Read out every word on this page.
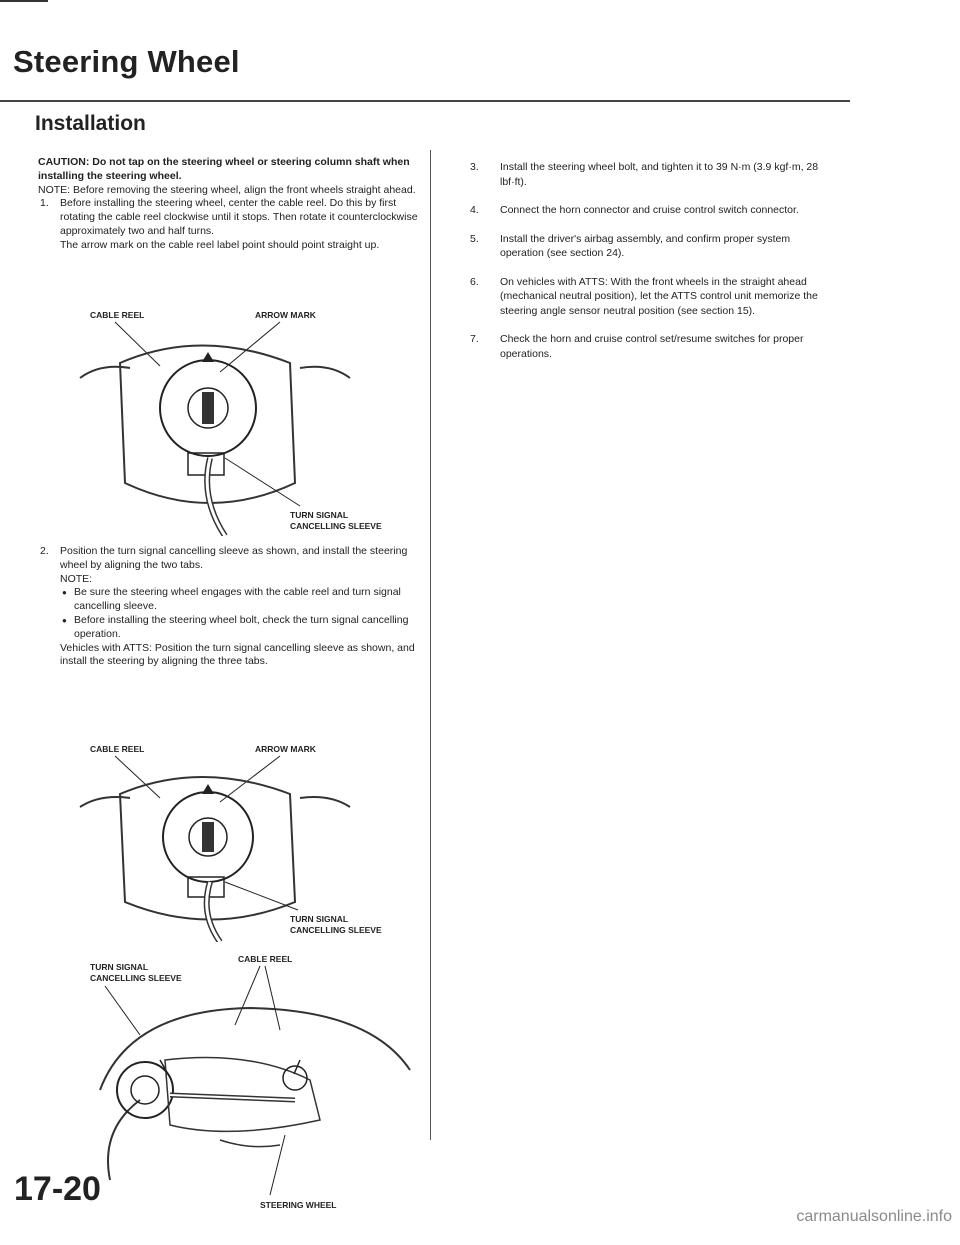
Steering Wheel
Installation

CAUTION: Do not tap on the steering wheel or steering column shaft when installing the steering wheel.

NOTE: Before removing the steering wheel, align the front wheels straight ahead.

1. Before installing the steering wheel, center the cable reel. Do this by first rotating the cable reel clockwise until it stops. Then rotate it counterclockwise approximately two and half turns.

The arrow mark on the cable reel label point should point straight up.

CABLE REEL	ARROW MARK
TURN SIGNAL
CANCELLING SLEEVE
2. Position the turn signal cancelling sleeve as shown, and install the steering wheel by aligning the two tabs.

NOTE:

● Be sure the steering wheel engages with the cable reel and turn signal cancelling sleeve.
● Before installing the steering wheel bolt, check the turn signal cancelling operation.

Vehicles with ATTS: Position the turn signal cancelling sleeve as shown, and install the steering by aligning the three tabs.

CABLE REEL	ARROW MARK
TURN SIGNAL
CANCELLING SLEEVE
CABLE REEL
TURN SIGNAL
CANCELLING SLEEVE
STEERING WHEEL
3. Install the steering wheel bolt, and tighten it to 39 N·m (3.9 kgf·m, 28 lbf·ft).

4. Connect the horn connector and cruise control switch connector.

5. Install the driver's airbag assembly, and confirm proper system operation (see section 24).

6. On vehicles with ATTS: With the front wheels in the straight ahead (mechanical neutral position), let the ATTS control unit memorize the steering angle sensor neutral position (see section 15).

7. Check the horn and cruise control set/resume switches for proper operations.

17-20
carmanualsonline.info
